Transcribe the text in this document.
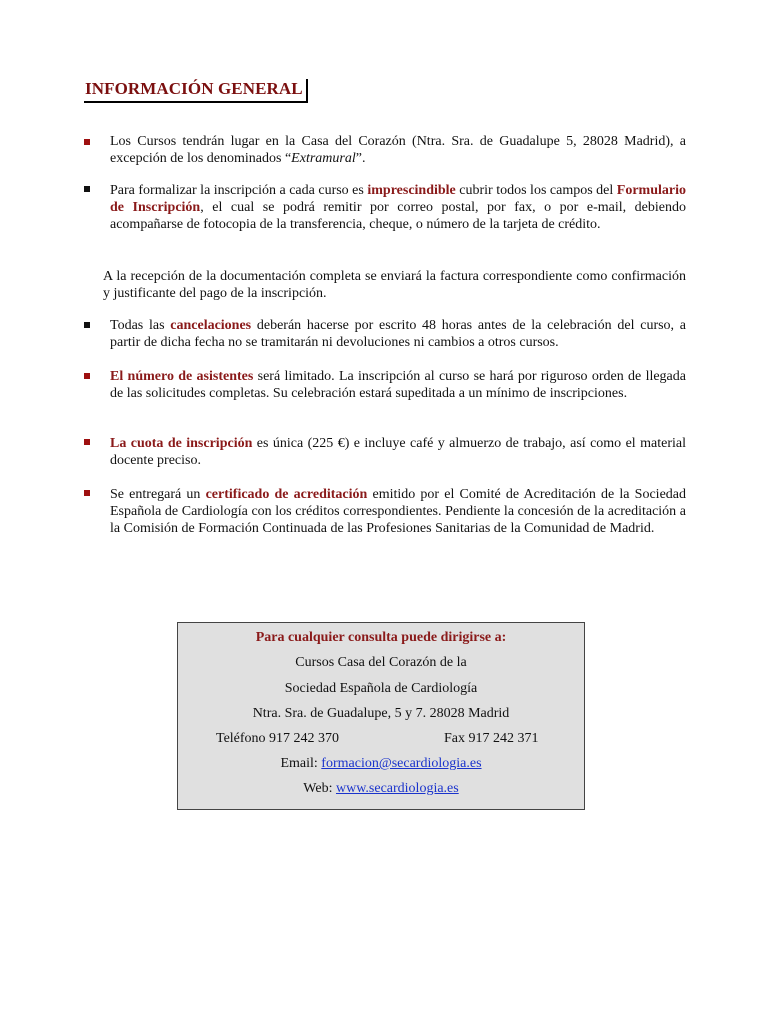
INFORMACIÓN GENERAL
Los Cursos tendrán lugar en la Casa del Corazón (Ntra. Sra. de Guadalupe 5, 28028 Madrid), a excepción de los denominados “Extramural”.
Para formalizar la inscripción a cada curso es imprescindible cubrir todos los campos del Formulario de Inscripción, el cual se podrá remitir por correo postal, por fax, o por e-mail, debiendo acompañarse de fotocopia de la transferencia, cheque, o número de la tarjeta de crédito.
A la recepción de la documentación completa se enviará la factura correspondiente como confirmación y justificante del pago de la inscripción.
Todas las cancelaciones deberán hacerse por escrito 48 horas antes de la celebración del curso, a partir de dicha fecha no se tramitarán ni devoluciones ni cambios a otros cursos.
El número de asistentes será limitado. La inscripción al curso se hará por riguroso orden de llegada de las solicitudes completas. Su celebración estará supeditada a un mínimo de inscripciones.
La cuota de inscripción es única (225 €) e incluye café y almuerzo de trabajo, así como el material docente preciso.
Se entregará un certificado de acreditación emitido por el Comité de Acreditación de la Sociedad Española de Cardiología con los créditos correspondientes. Pendiente la concesión de la acreditación a la Comisión de Formación Continuada de las Profesiones Sanitarias de la Comunidad de Madrid.
Para cualquier consulta puede dirigirse a:
Cursos Casa del Corazón de la
Sociedad Española de Cardiología
Ntra. Sra. de Guadalupe, 5 y 7. 28028 Madrid
Teléfono 917 242 370	Fax 917 242 371
Email: formacion@secardiologia.es
Web: www.secardiologia.es
